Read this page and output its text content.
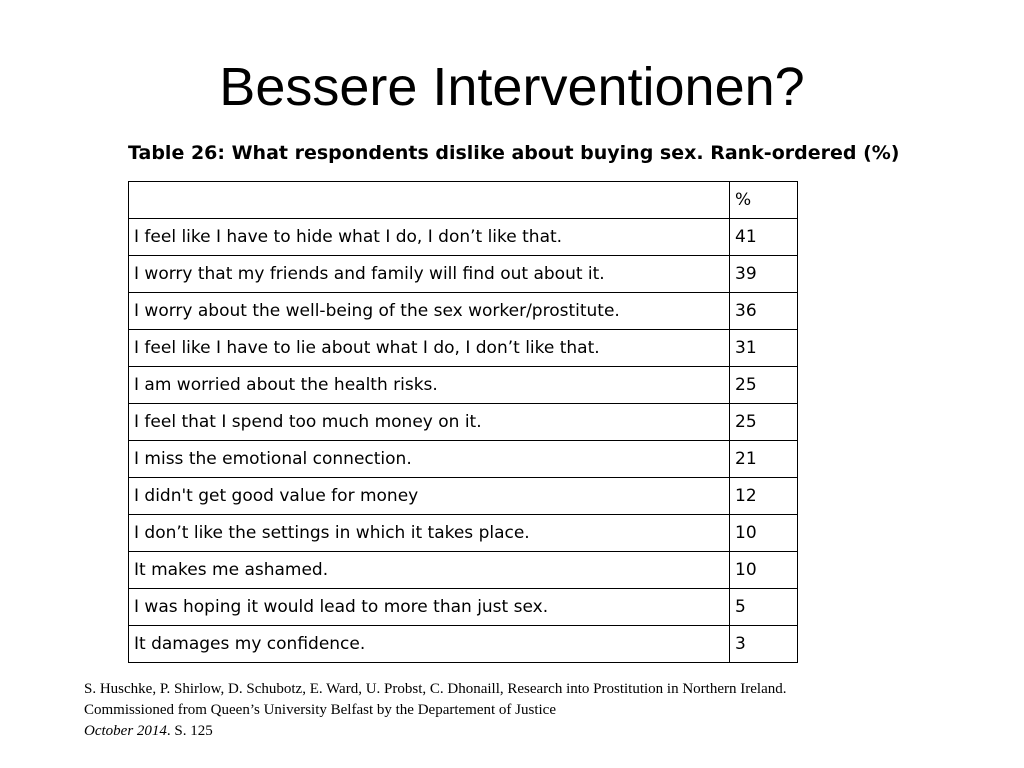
Bessere Interventionen?
Table 26: What respondents dislike about buying sex. Rank-ordered (%)
	%
I feel like I have to hide what I do, I don’t like that.	41
I worry that my friends and family will find out about it.	39
I worry about the well-being of the sex worker/prostitute.	36
I feel like I have to lie about what I do, I don’t like that.	31
I am worried about the health risks.	25
I feel that I spend too much money on it.	25
I miss the emotional connection.	21
I didn't get good value for money	12
I don’t like the settings in which it takes place.	10
It makes me ashamed.	10
I was hoping it would lead to more than just sex.	5
It damages my confidence.	3
S. Huschke, P. Shirlow, D. Schubotz, E. Ward, U. Probst, C. Dhonaill, Research into Prostitution in Northern Ireland.
Commissioned from Queen’s University Belfast by the Departement of Justice
October 2014. S. 125
